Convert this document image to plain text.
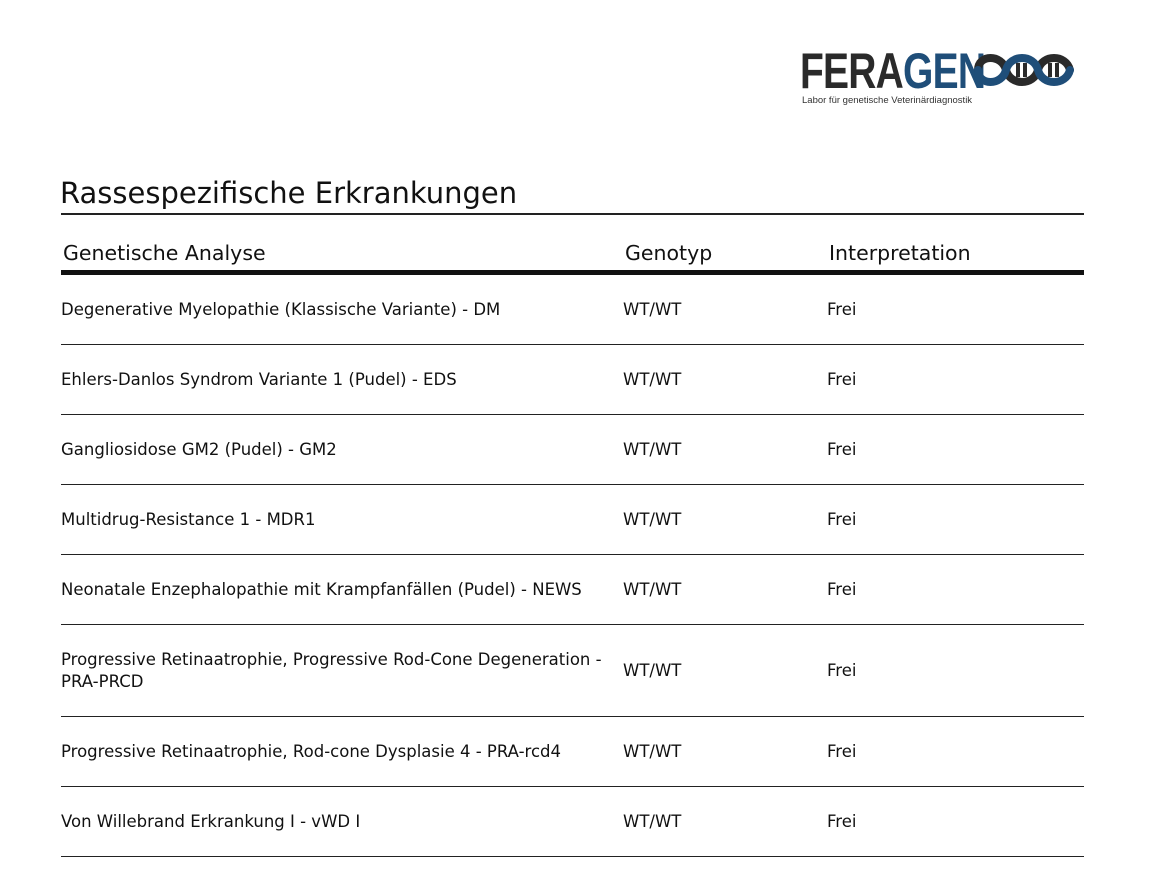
FERAGEN
Labor für genetische Veterinärdiagnostik
Rassespezifische Erkrankungen
Genetische Analyse	Genotyp	Interpretation

Degenerative Myelopathie (Klassische Variante) - DM	WT/WT	Frei

Ehlers-Danlos Syndrom Variante 1 (Pudel) - EDS	WT/WT	Frei

Gangliosidose GM2 (Pudel) - GM2	WT/WT	Frei

Multidrug-Resistance 1 - MDR1	WT/WT	Frei

Neonatale Enzephalopathie mit Krampfanfällen (Pudel) - NEWS	WT/WT	Frei

Progressive Retinaatrophie, Progressive Rod-Cone Degeneration - PRA-PRCD	WT/WT	Frei

Progressive Retinaatrophie, Rod-cone Dysplasie 4 - PRA-rcd4	WT/WT	Frei

Von Willebrand Erkrankung I - vWD I	WT/WT	Frei
